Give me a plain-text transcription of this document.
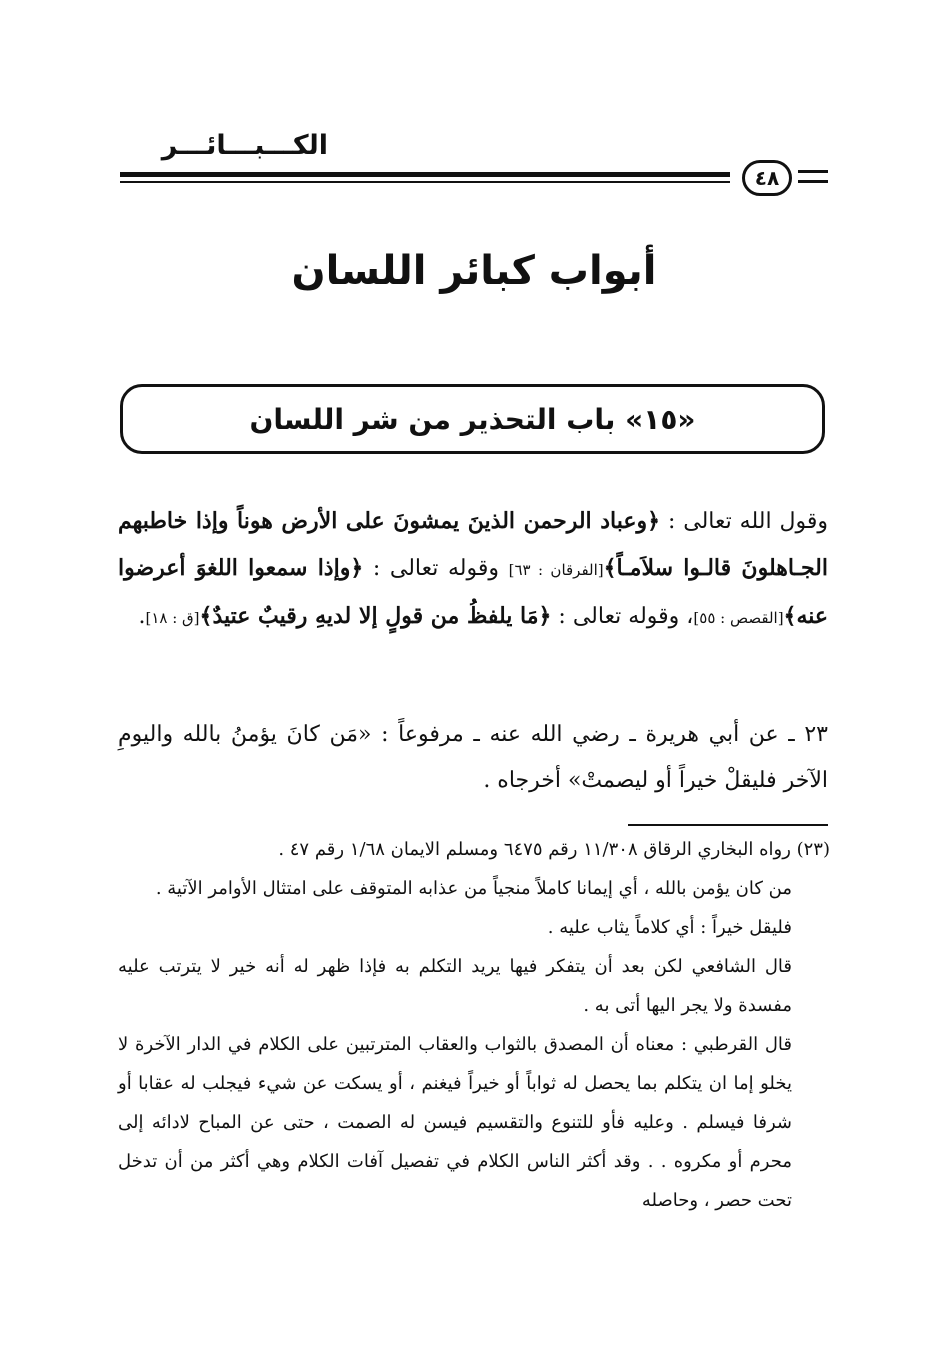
الكـــبـــائـــر
٤٨
أبواب كبائر اللسان
«١٥» باب التحذير من شر اللسان
وقول الله تعالى : ﴿وعباد الرحمن الذينَ يمشونَ على الأرض هوناً وإذا خاطبهم الجـاهلونَ قالـوا سلاَمـاً﴾[الفرقان : ٦٣] وقوله تعالى : ﴿وإذا سمعوا اللغوَ أعرضوا عنه﴾[القصص : ٥٥]، وقوله تعالى : ﴿مَا يلفظُ من قولٍ إلا لديهِ رقيبٌ عتيدٌ﴾[ق : ١٨].
٢٣ ـ عن أبي هريرة ـ رضي الله عنه ـ مرفوعاً : «مَن كانَ يؤمنُ بالله واليومِ الآخر فليقلْ خيراً أو ليصمتْ» أخرجاه .

(٢٣) رواه البخاري الرقاق ١١/٣٠٨ رقم ٦٤٧٥ ومسلم الايمان ١/٦٨ رقم ٤٧ .

من كان يؤمن بالله ، أي إيمانا كاملاً منجياً من عذابه المتوقف على امتثال الأوامر الآتية .

فليقل خيراً : أي كلاماً يثاب عليه .

قال الشافعي لكن بعد أن يتفكر فيها يريد التكلم به فإذا ظهر له أنه خير لا يترتب عليه مفسدة ولا يجر اليها أتى به .

قال القرطبي : معناه أن المصدق بالثواب والعقاب المترتبين على الكلام في الدار الآخرة لا يخلو إما ان يتكلم بما يحصل له ثواباً أو خيراً فيغنم ، أو يسكت عن شيء فيجلب له عقابا أو شرفا فيسلم . وعليه فأو للتنوع والتقسيم فيسن له الصمت ، حتى عن المباح لادائه إلى محرم أو مكروه . . وقد أكثر الناس الكلام في تفصيل آفات الكلام وهي أكثر من أن تدخل تحت حصر ، وحاصله
